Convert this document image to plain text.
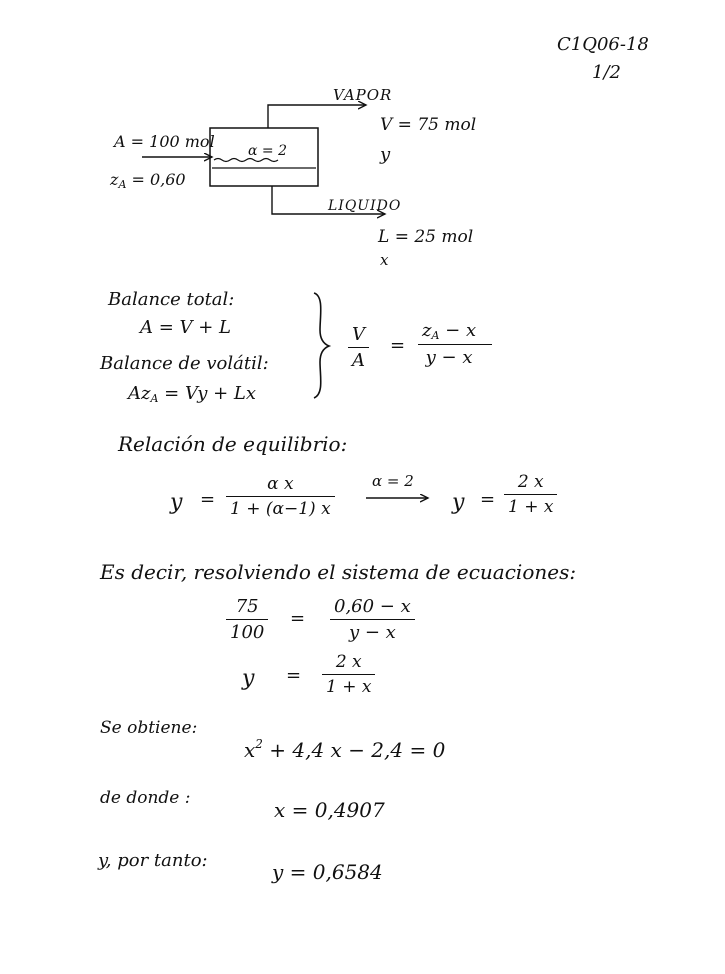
C1Q06-18
1/2
VAPOR
V = 75 mol
y
A = 100 mol
$z_A = 0,60$
α = 2
LIQUIDO
L = 25 mol
x
Balance total:
A = V + L
Balance de volátil:
$Az_A = Vy + Lx$
V
A
=
$z_A - x$
y − x
Relación de equilibrio:
y =
α x
1 + (α−1) x
α = 2
y =
2 x
1 + x
Es decir, resolviendo el sistema de ecuaciones:
75
100
=
0,60 − x
y − x
y =
2 x
1 + x
Se obtiene:
$x^2 + 4,4$ x − 2,4 = 0
de donde :	x = 0,4907
y, por tanto:	y = 0,6584
